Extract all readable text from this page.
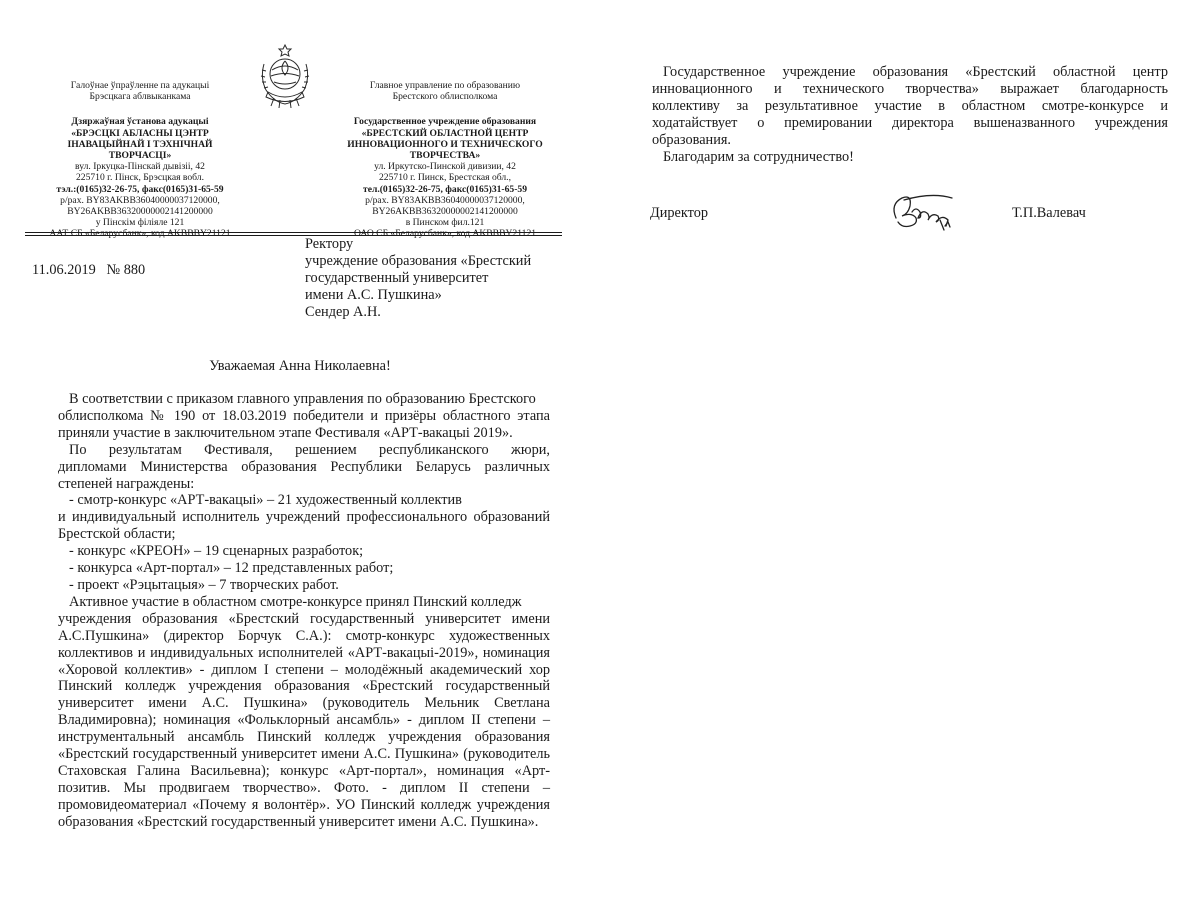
Галоўнае ўпраўленне па адукацыі
Брэсцкага аблвыканкама
Дзяржаўная ўстанова адукацыі
«БРЭСЦКІ АБЛАСНЫ ЦЭНТР
ІНАВАЦЫЙНАЙ І ТЭХНІЧНАЙ
ТВОРЧАСЦІ»
вул. Іркуцка-Пінскай дывізіі, 42
225710 г. Пінск, Брэсцкая вобл.
тэл.:(0165)32-26-75, факс(0165)31-65-59
р/рах. BY83AKBB36040000037120000,
BY26AKBB36320000002141200000
у Пінскім філіяле 121
ААТ СБ «Беларусбанк», код AKBBBY21121
Главное управление по образованию
Брестского облисполкома
Государственное учреждение образования
«БРЕСТСКИЙ ОБЛАСТНОЙ ЦЕНТР
ИННОВАЦИОННОГО И ТЕХНИЧЕСКОГО
ТВОРЧЕСТВА»
ул. Иркутско-Пинской дивизии, 42
225710 г. Пинск, Брестская обл.,
тел.(0165)32-26-75, факс(0165)31-65-59
р/рах. BY83AKBB36040000037120000,
BY26AKBB36320000002141200000
в Пинском фил.121
ОАО СБ «Беларусбанк», код AKBBBY21121
11.06.2019   № 880
Ректору
учреждение образования «Брестский
государственный университет
имени А.С. Пушкина»
Сендер А.Н.
Уважаемая Анна Николаевна!
В соответствии с приказом главного управления по образованию Брестского
облисполкома № 190 от 18.03.2019 победители и призёры областного этапа
приняли участие в заключительном этапе Фестиваля «АРТ-вакацыі 2019».
По результатам Фестиваля, решением республиканского жюри,
дипломами Министерства образования Республики Беларусь различных
степеней награждены:
- смотр-конкурс «АРТ-вакацыі» – 21 художественный коллектив
и индивидуальный исполнитель учреждений профессионального образований
Брестской области;
- конкурс «КРЕОН» – 19 сценарных разработок;
- конкурса «Арт-портал» – 12 представленных работ;
- проект «Рэцытацыя» – 7 творческих работ.
Активное участие в областном смотре-конкурсе принял Пинский колледж
учреждения образования «Брестский государственный университет имени
А.С.Пушкина» (директор Борчук С.А.): смотр-конкурс художественных
коллективов и индивидуальных исполнителей «АРТ-вакацыі-2019», номинация
«Хоровой коллектив» - диплом I степени – молодёжный академический хор
Пинский колледж учреждения образования «Брестский государственный
университет имени А.С. Пушкина» (руководитель Мельник Светлана
Владимировна); номинация «Фольклорный ансамбль» - диплом II степени –
инструментальный ансамбль Пинский колледж учреждения образования
«Брестский государственный университет имени А.С. Пушкина» (руководитель
Стаховская Галина Васильевна); конкурс «Арт-портал», номинация «Арт-
позитив. Мы продвигаем творчество». Фото. - диплом II степени –
промовидеоматериал «Почему я волонтёр». УО Пинский колледж учреждения
образования «Брестский государственный университет имени А.С. Пушкина».
Государственное учреждение образования «Брестский областной центр
инновационного и технического творчества» выражает благодарность
коллективу за результативное участие в областном смотре-конкурсе и
ходатайствует о премировании директора вышеназванного учреждения
образования.
Благодарим за сотрудничество!
Директор	Т.П.Валевач
